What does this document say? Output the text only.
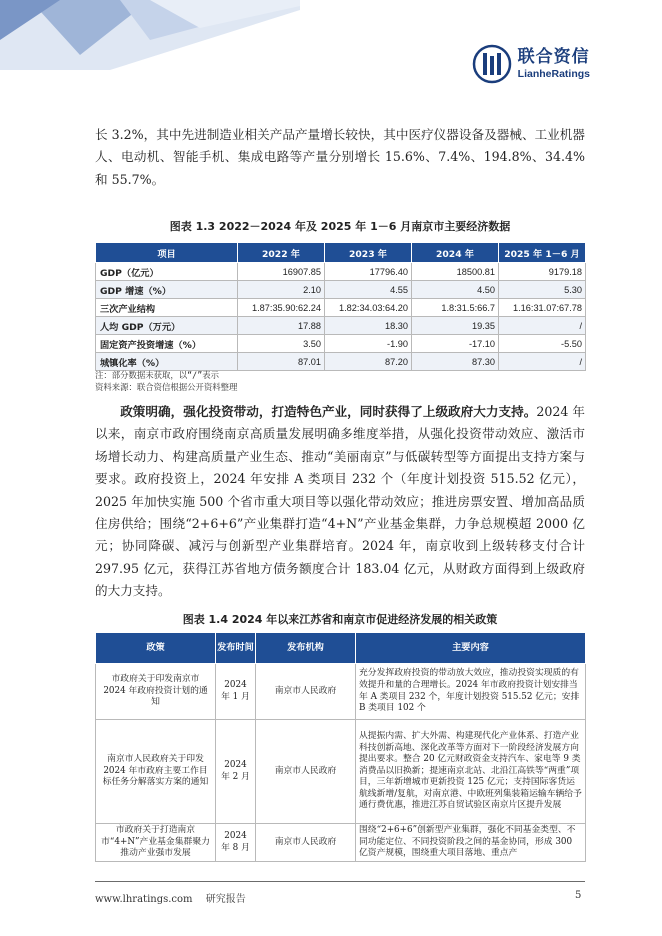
联合资信
LianheRatings

长 3.2%，其中先进制造业相关产品产量增长较快，其中医疗仪器设备及器械、工业机器人、电动机、智能手机、集成电路等产量分别增长 15.6%、7.4%、194.8%、34.4%和 55.7%。

图表 1.3 2022－2024 年及 2025 年 1－6 月南京市主要经济数据
项目	2022 年	2023 年	2024 年	2025 年 1－6 月
GDP（亿元）	16907.85	17796.40	18500.81	9179.18
GDP 增速（%）	2.10	4.55	4.50	5.30
三次产业结构	1.87:35.90:62.24	1.82:34.03:64.20	1.8:31.5:66.7	1.16:31.07:67.78
人均 GDP（万元）	17.88	18.30	19.35	/
固定资产投资增速（%）	3.50	-1.90	-17.10	-5.50
城镇化率（%）	87.01	87.20	87.30	/
注：部分数据未获取，以“/”表示
资料来源：联合资信根据公开资料整理

政策明确，强化投资带动，打造特色产业，同时获得了上级政府大力支持。2024 年以来，南京市政府围绕南京高质量发展明确多维度举措，从强化投资带动效应、激活市场增长动力、构建高质量产业生态、推动“美丽南京”与低碳转型等方面提出支持方案与要求。政府投资上，2024 年安排 A 类项目 232 个（年度计划投资 515.52 亿元），2025 年加快实施 500 个省市重大项目等以强化带动效应；推进房票安置、增加高品质住房供给；围绕“2+6+6”产业集群打造“4+N”产业基金集群，力争总规模超 2000 亿元；协同降碳、减污与创新型产业集群培育。2024 年，南京收到上级转移支付合计 297.95 亿元，获得江苏省地方债务额度合计 183.04 亿元，从财政方面得到上级政府的大力支持。

图表 1.4 2024 年以来江苏省和南京市促进经济发展的相关政策
政策	发布时间	发布机构	主要内容
市政府关于印发南京市 2024 年政府投资计划的通知	2024 年 1 月	南京市人民政府	充分发挥政府投资的带动放大效应，推动投资实现质的有效提升和量的合理增长。2024 年市政府投资计划安排当年 A 类项目 232 个，年度计划投资 515.52 亿元；安排 B 类项目 102 个
南京市人民政府关于印发 2024 年市政府主要工作目标任务分解落实方案的通知	2024 年 2 月	南京市人民政府	从提振内需、扩大外需、构建现代化产业体系、打造产业科技创新高地、深化改革等方面对下一阶段经济发展方向提出要求。整合 20 亿元财政资金支持汽车、家电等 9 类消费品以旧换新；提速南京北站、北沿江高铁等“两重”项目，三年新增城市更新投资 125 亿元；支持国际客货运航线新增/复航，对南京港、中欧班列集装箱运输车辆给予通行费优惠，推进江苏自贸试验区南京片区提升发展
市政府关于打造南京市“4+N”产业基金集群聚力推动产业强市发展	2024 年 8 月	南京市人民政府	围绕“2+6+6”创新型产业集群，强化不同基金类型、不同功能定位、不同投资阶段之间的基金协同，形成 300 亿资产规模，围绕重大项目落地、重点产
www.lhratings.com 研究报告	5
